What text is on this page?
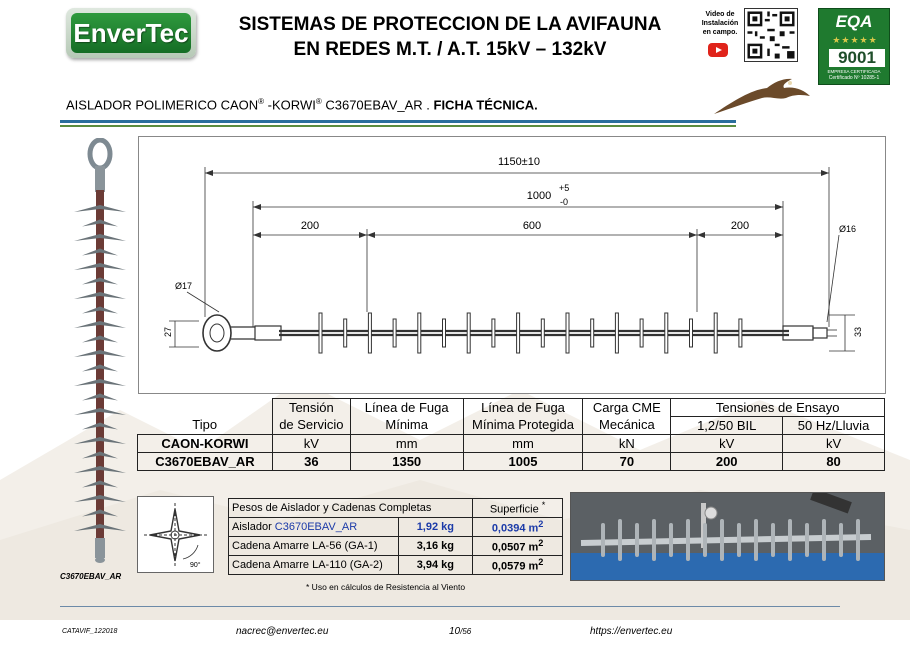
EnverTec	SISTEMAS DE PROTECCION DE LA AVIFAUNA
EN REDES M.T. / A.T. 15kV – 132kV
Video de
Instalación
en campo.
EQA
★★★★★
9001
EMPRESA CERTIFICADA
Certificado Nº 10285-1
AISLADOR POLIMERICO CAON® -KORWI® C3670EBAV_AR . FICHA TÉCNICA.
C3670EBAV_AR
1150±10
1000
+5
-0
200	600	200
Ø17
Ø16
27	33
	Tensión	Línea de Fuga	Línea de Fuga	Carga CME	Tensiones de Ensayo	
Tipo	de Servicio	Mínima	Mínima Protegida	Mecánica	1,2/50 BIL	50 Hz/Lluvia
CAON-KORWI	kV	mm	mm	kN	kV	kV
C3670EBAV_AR	36	1350	1005	70	200	80
90°
Pesos de Aislador y Cadenas Completas		Superficie *
Aislador C3670EBAV_AR	1,92 kg	0,0394 $m^2$
Cadena Amarre LA-56 (GA-1)	3,16 kg	0,0507 $m^2$
Cadena Amarre LA-110 (GA-2)	3,94 kg	0,0579 $m^2$
* Uso en cálculos de Resistencia al Viento
CATAVIF_122018	nacrec@envertec.eu	10/56	https://envertec.eu
